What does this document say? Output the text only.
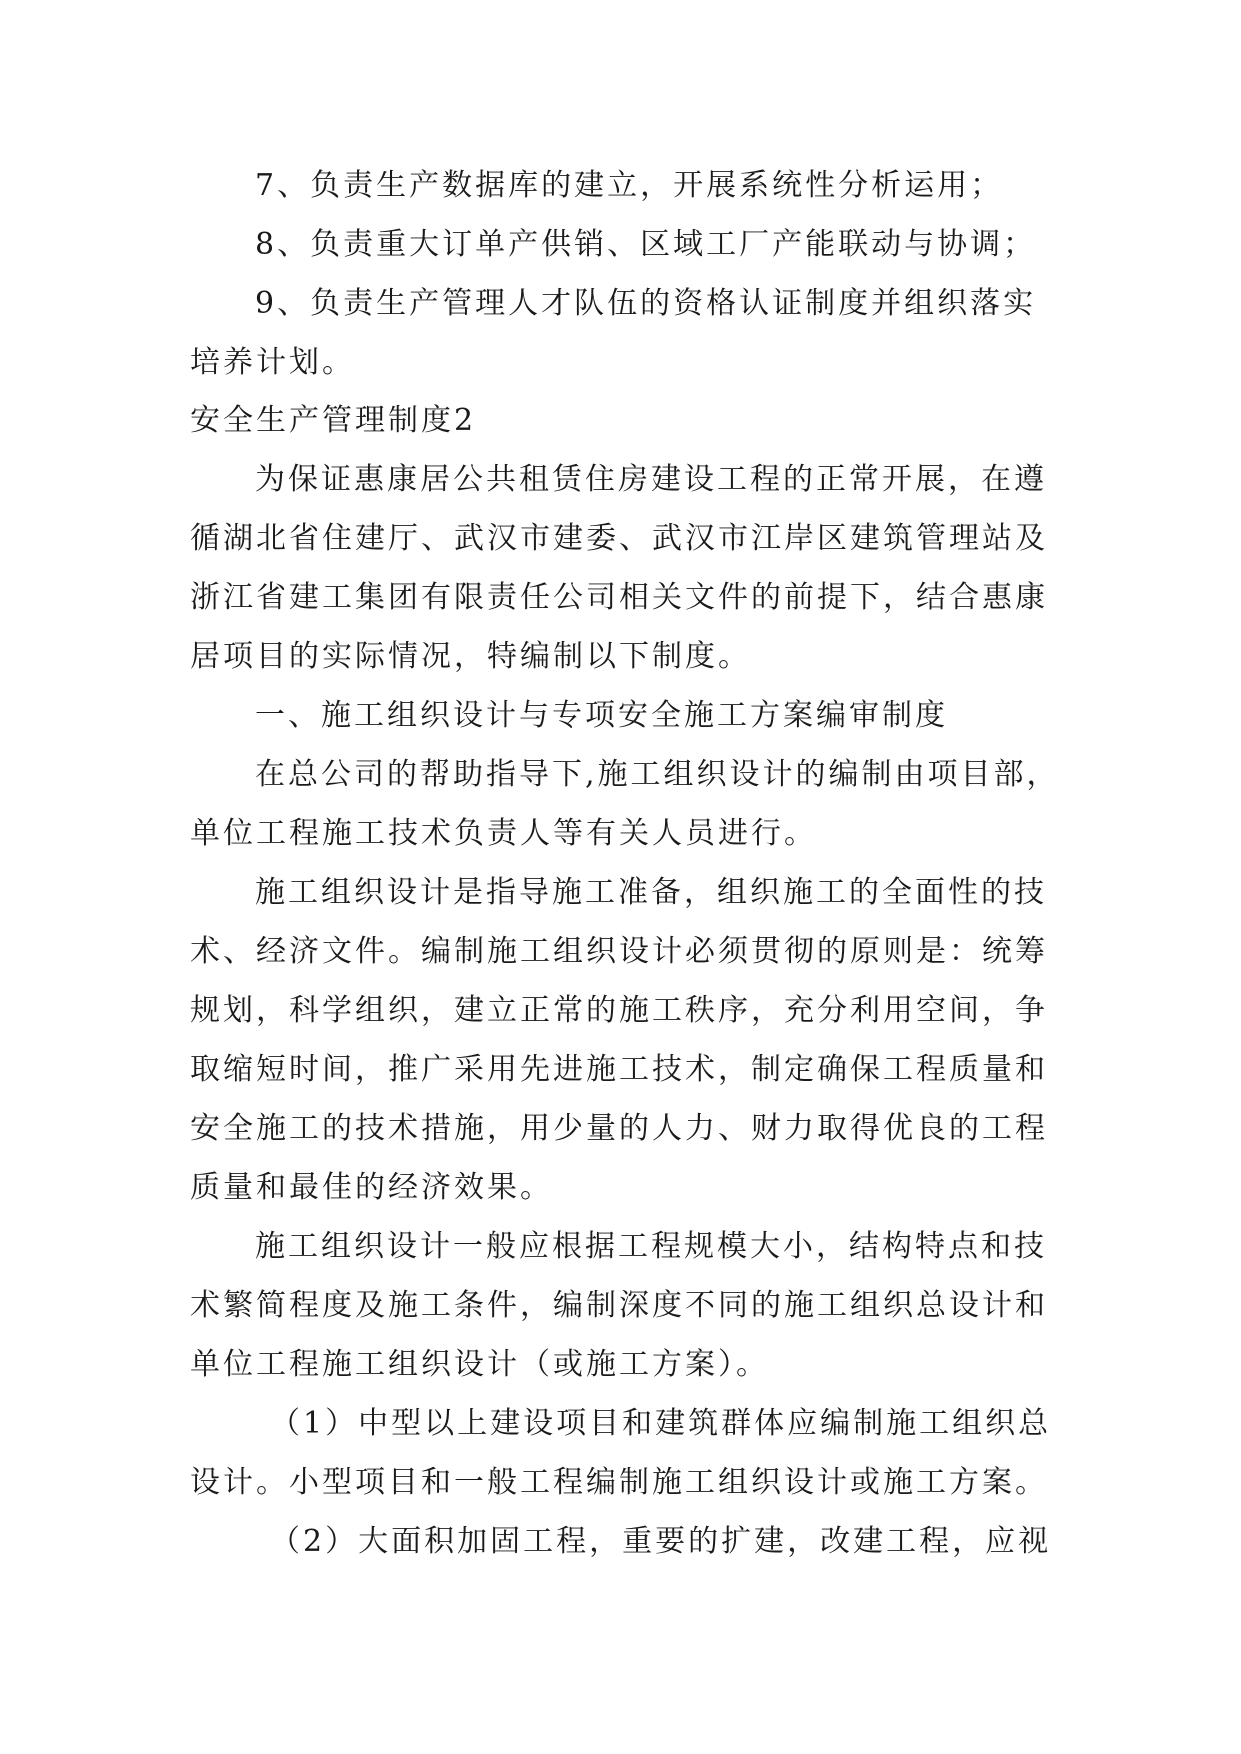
7、负责生产数据库的建立，开展系统性分析运用；
8、负责重大订单产供销、区域工厂产能联动与协调；
9、负责生产管理人才队伍的资格认证制度并组织落实
培养计划。
安全生产管理制度2
为保证惠康居公共租赁住房建设工程的正常开展，在遵
循湖北省住建厅、武汉市建委、武汉市江岸区建筑管理站及
浙江省建工集团有限责任公司相关文件的前提下，结合惠康
居项目的实际情况，特编制以下制度。
一、施工组织设计与专项安全施工方案编审制度
在总公司的帮助指导下,施工组织设计的编制由项目部，
单位工程施工技术负责人等有关人员进行。
施工组织设计是指导施工准备，组织施工的全面性的技
术、经济文件。编制施工组织设计必须贯彻的原则是：统筹
规划，科学组织，建立正常的施工秩序，充分利用空间，争
取缩短时间，推广采用先进施工技术，制定确保工程质量和
安全施工的技术措施，用少量的人力、财力取得优良的工程
质量和最佳的经济效果。
施工组织设计一般应根据工程规模大小，结构特点和技
术繁简程度及施工条件，编制深度不同的施工组织总设计和
单位工程施工组织设计（或施工方案）。
（1）中型以上建设项目和建筑群体应编制施工组织总
设计。小型项目和一般工程编制施工组织设计或施工方案。
（2）大面积加固工程，重要的扩建，改建工程，应视
